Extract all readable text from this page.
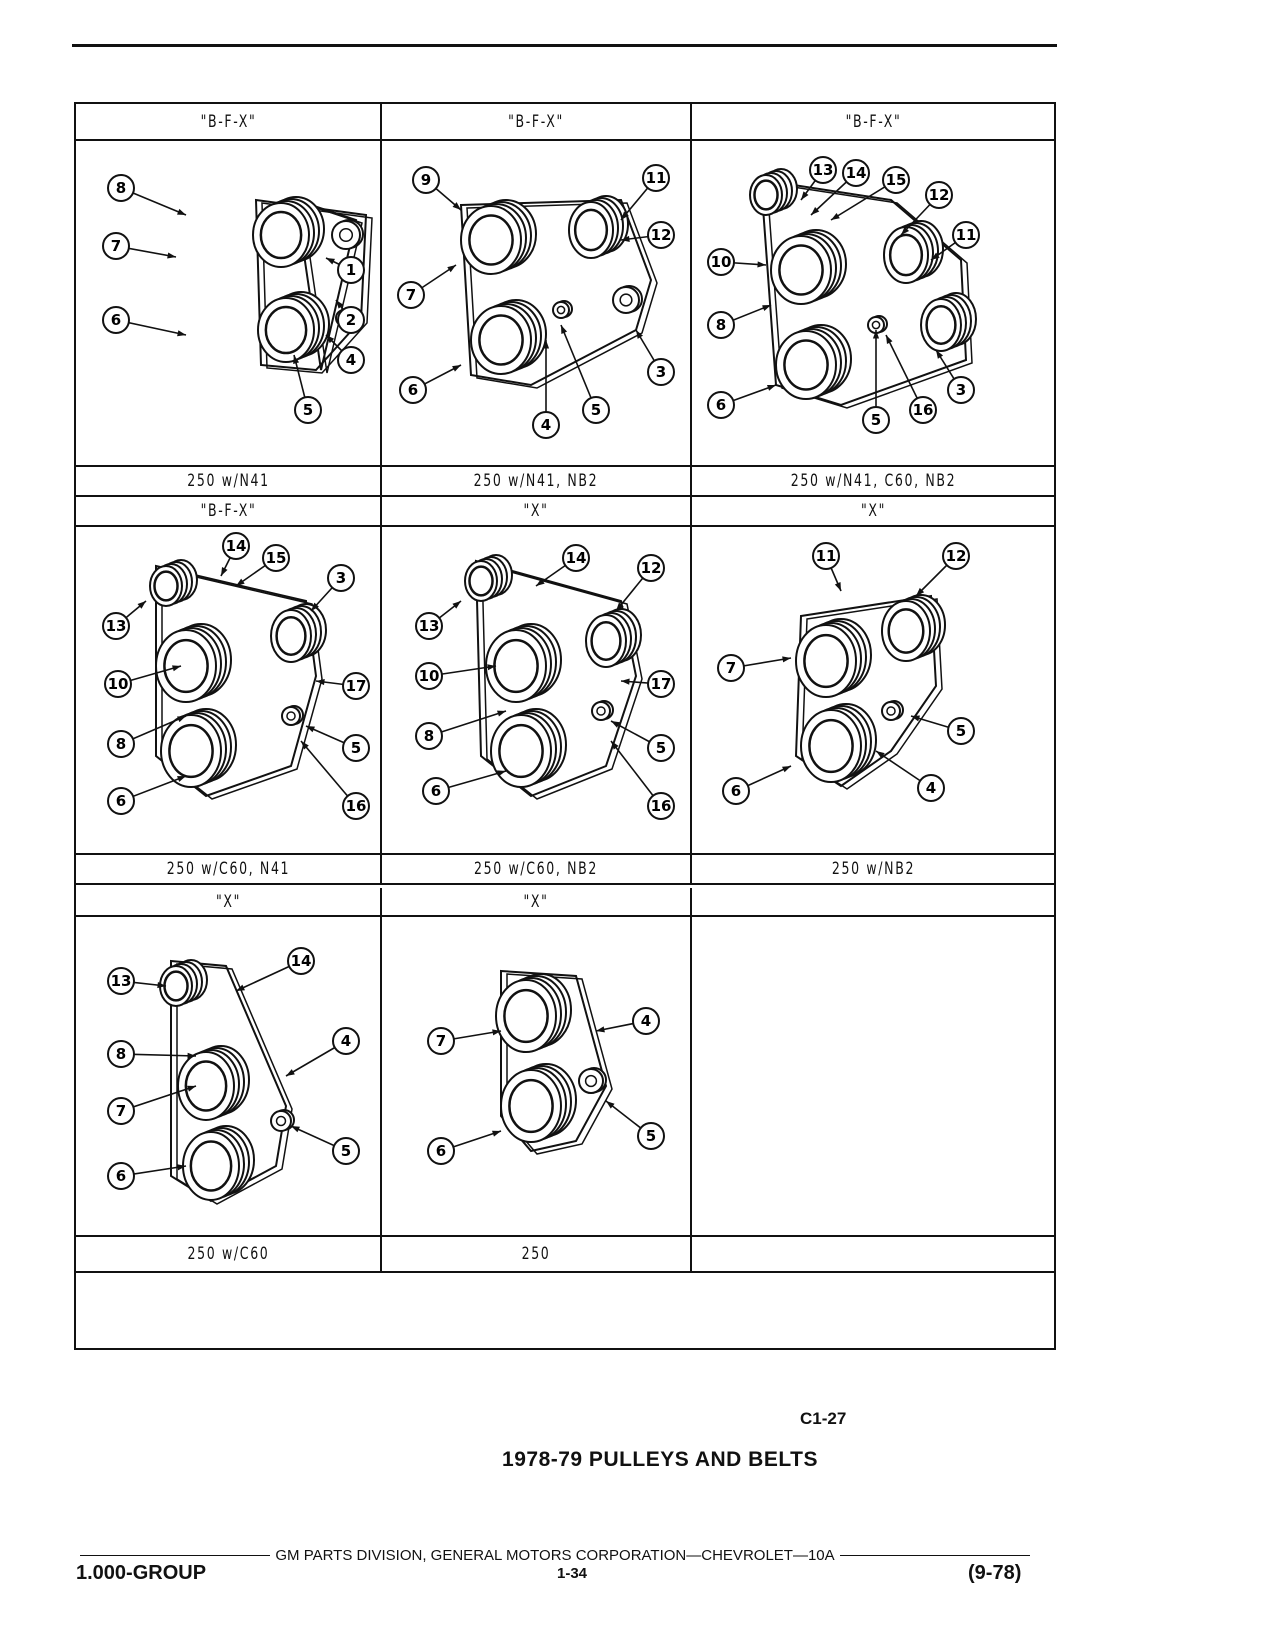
"B-F-X"
250 w/N41
8
7
6
1
2
4
5
"B-F-X"
250 w/N41, NB2
9
7
6
11
12
3
4
5
"B-F-X"
250 w/N41, C60, NB2
13 14 15
12
11
10
8
6
3
5
16
"B-F-X"
250 w/C60, N41
14
15
3
13
10	17
8	5
6	16
"X"
250 w/C60, NB2
14
12
13
10	17
8
5
6
16
"X"
250 w/NB2
11	12
7
5
6	4
"X"
250 w/C60
13
14
8
4
7
5
6
"X"
250
7
4
6
5
C1-27
1978-79 PULLEYS AND BELTS
GM PARTS DIVISION, GENERAL MOTORS CORPORATION—CHEVROLET—10A
1.000-GROUP	1-34	(9-78)
